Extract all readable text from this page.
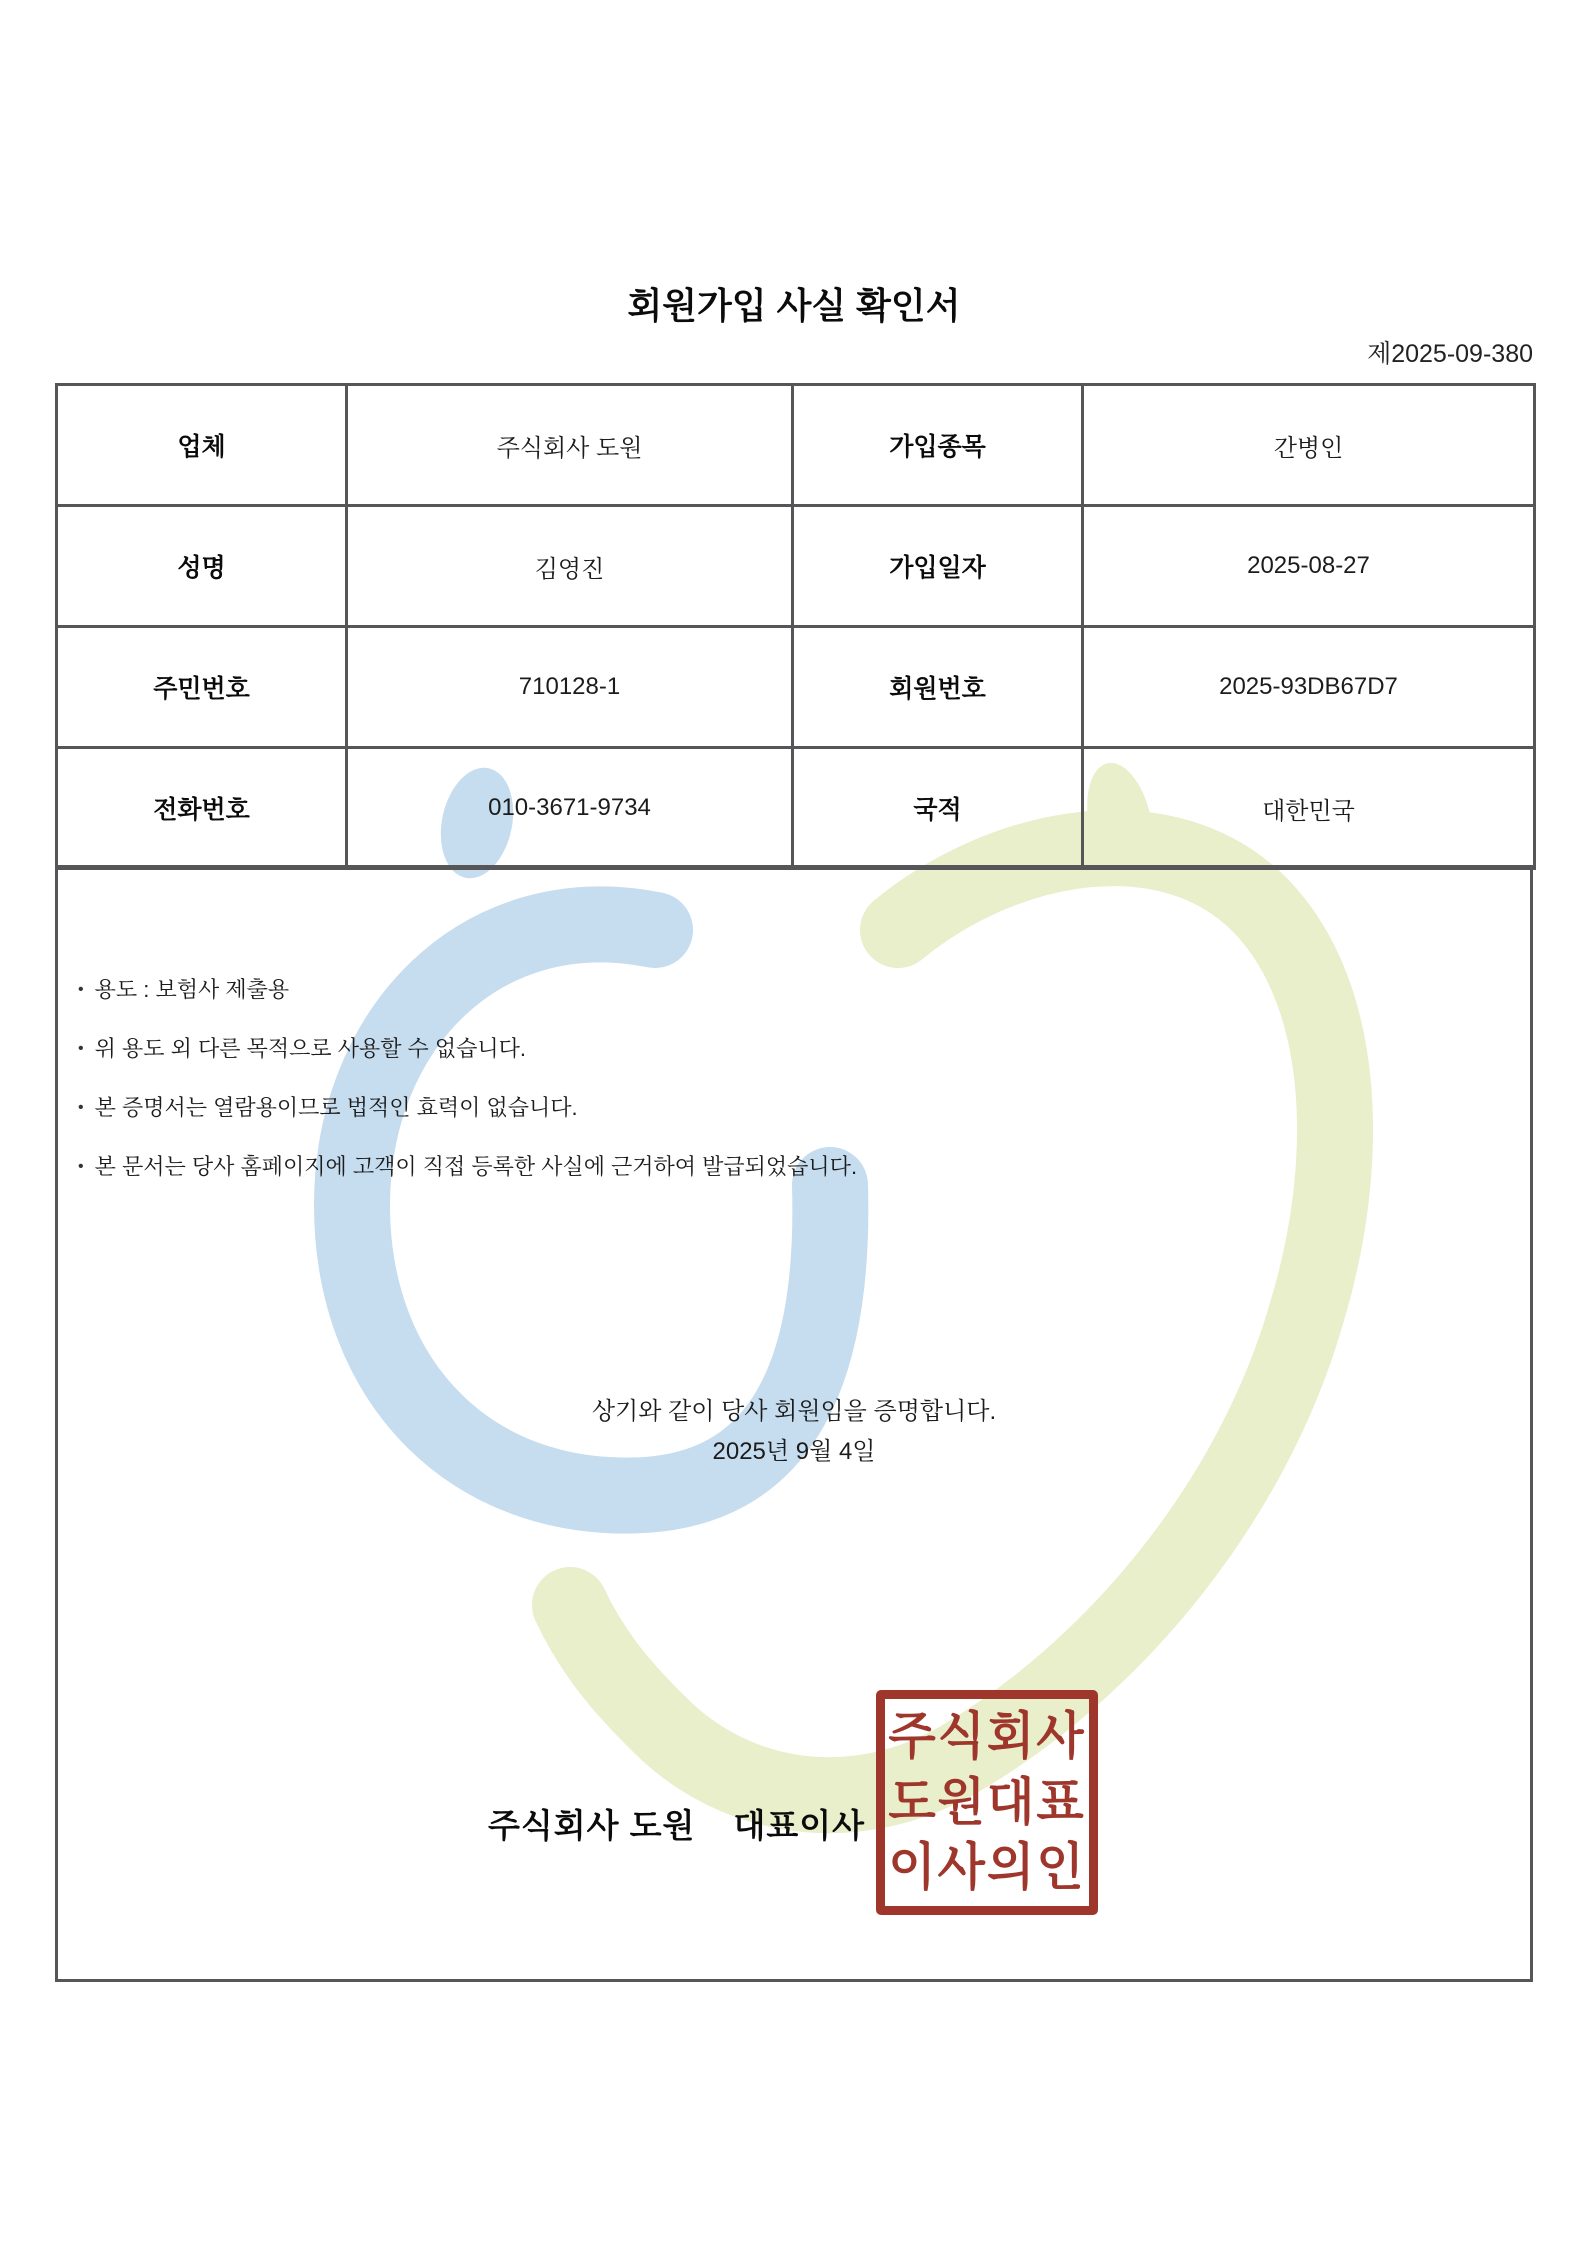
회원가입 사실 확인서
제2025-09-380
업체	주식회사 도원	가입종목	간병인
성명	김영진	가입일자	2025-08-27
주민번호	710128-1	회원번호	2025-93DB67D7
전화번호	010-3671-9734	국적	대한민국
• 용도 : 보험사 제출용
• 위 용도 외 다른 목적으로 사용할 수 없습니다.
• 본 증명서는 열람용이므로 법적인 효력이 없습니다.
• 본 문서는 당사 홈페이지에 고객이 직접 등록한 사실에 근거하여 발급되었습니다.
상기와 같이 당사 회원임을 증명합니다.
2025년 9월 4일
주식회사 도원 대표이사
주식회사
도원대표
이사의인
